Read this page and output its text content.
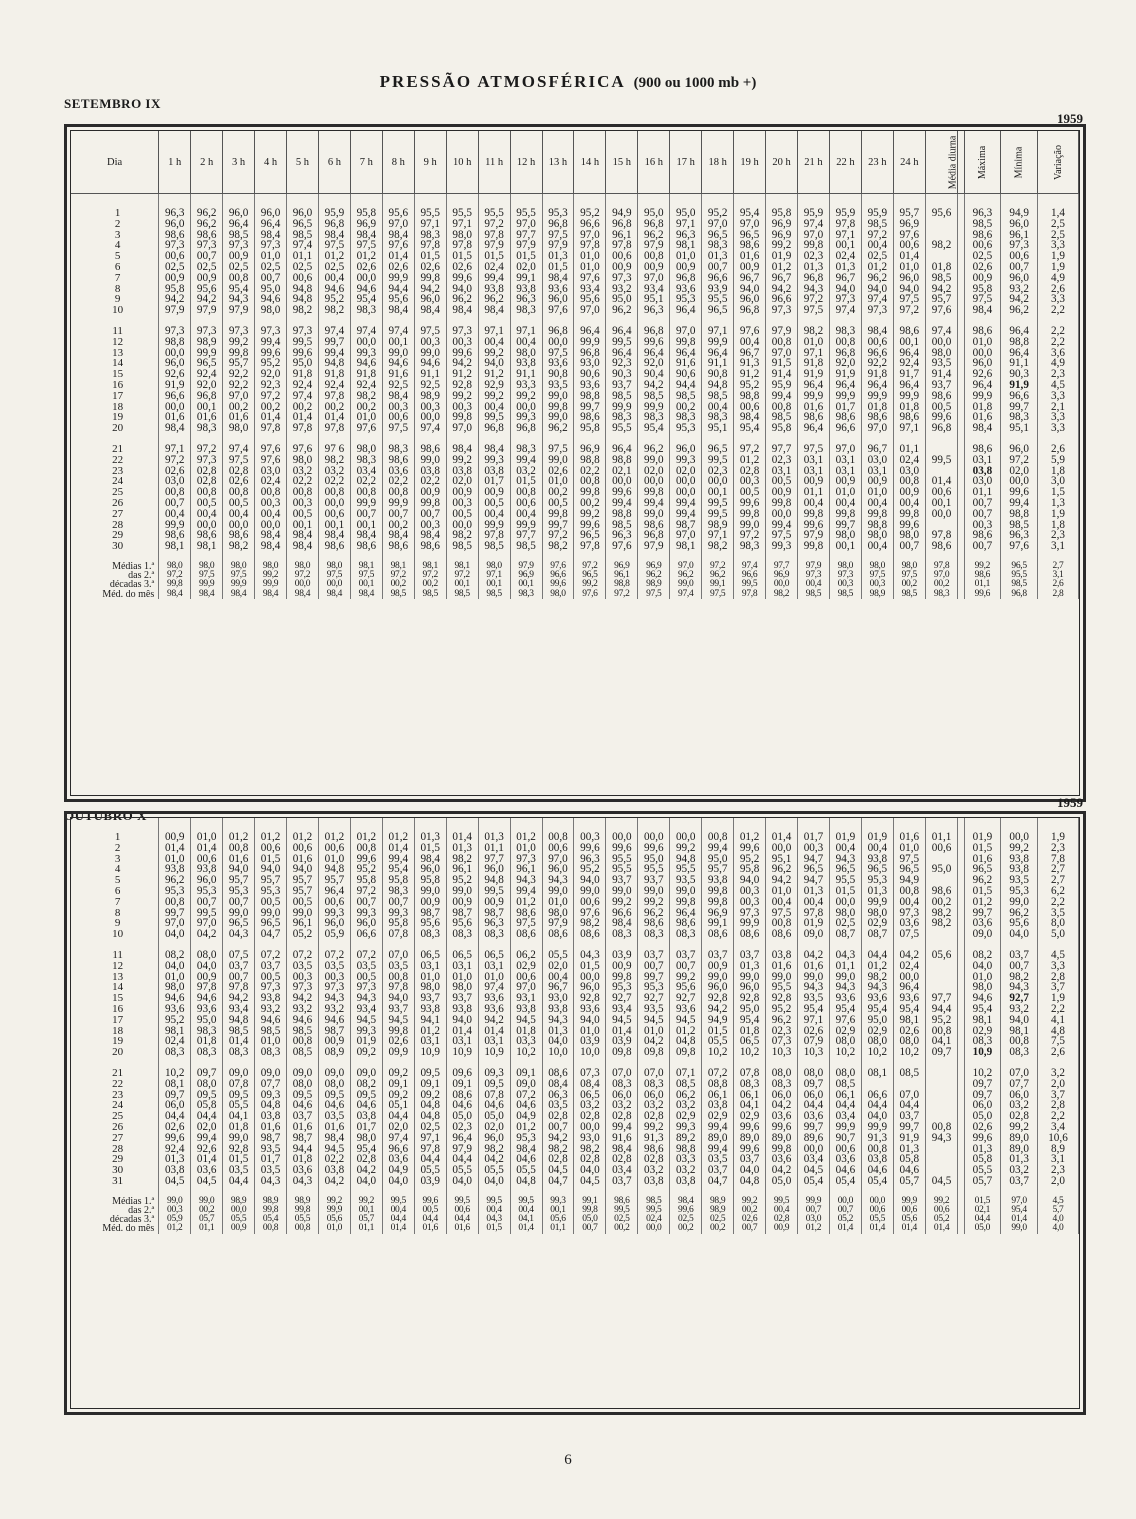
PRESSÃO ATMOSFÉRICA (900 ou 1000 mb +)
SETEMBRO IX
1959
Dia	1 h	2 h	3 h	4 h	5 h	6 h	7 h	8 h	9 h	10 h	11 h	12 h	13 h	14 h	15 h	16 h	17 h	18 h	19 h	20 h	21 h	22 h	23 h	24 h	Média diurna		Máxima	Mínima	Variação

1	96,3	96,2	96,0	96,0	96,0	95,9	95,8	95,6	95,5	95,5	95,5	95,5	95,3	95,2	94,9	95,0	95,0	95,2	95,4	95,8	95,9	95,9	95,9	95,7	95,6		96,3	94,9	1,4
2	96,0	96,2	96,4	96,4	96,5	96,8	96,9	97,0	97,1	97,1	97,2	97,0	96,8	96,6	96,8	96,8	97,1	97,0	97,0	96,9	97,4	97,8	98,5	96,9			98,5	96,0	2,5
3	98,6	98,6	98,5	98,4	98,5	98,4	98,4	98,4	98,3	98,0	97,8	97,7	97,5	97,0	96,1	96,2	96,3	96,5	96,5	96,9	97,0	97,1	97,2	97,6			98,6	96,1	2,5
4	97,3	97,3	97,3	97,3	97,4	97,5	97,5	97,6	97,8	97,8	97,9	97,9	97,9	97,8	97,8	97,9	98,1	98,3	98,6	99,2	99,8	00,1	00,4	00,6	98,2		00,6	97,3	3,3
5	00,6	00,7	00,9	01,0	01,1	01,2	01,2	01,4	01,5	01,5	01,5	01,5	01,3	01,0	00,6	00,8	01,0	01,3	01,6	01,9	02,3	02,4	02,5	01,4			02,5	00,6	1,9
6	02,5	02,5	02,5	02,5	02,5	02,5	02,6	02,6	02,6	02,6	02,4	02,0	01,5	01,0	00,9	00,9	00,9	00,7	00,9	01,2	01,3	01,3	01,2	01,0	01,8		02,6	00,7	1,9
7	00,9	00,9	00,8	00,7	00,6	00,4	00,0	99,9	99,8	99,6	99,4	99,1	98,4	97,6	97,3	97,0	96,8	96,6	96,7	96,7	96,8	96,7	96,2	96,0	98,5		00,9	96,0	4,9
8	95,8	95,6	95,4	95,0	94,8	94,6	94,6	94,4	94,2	94,0	93,8	93,8	93,6	93,4	93,2	93,4	93,6	93,9	94,0	94,2	94,3	94,0	94,0	94,0	94,2		95,8	93,2	2,6
9	94,2	94,2	94,3	94,6	94,8	95,2	95,4	95,6	96,0	96,2	96,2	96,3	96,0	95,6	95,0	95,1	95,3	95,5	96,0	96,6	97,2	97,3	97,4	97,5	95,7		97,5	94,2	3,3
10	97,9	97,9	97,9	98,0	98,2	98,2	98,3	98,4	98,4	98,4	98,4	98,3	97,6	97,0	96,2	96,3	96,4	96,5	96,8	97,3	97,5	97,4	97,3	97,2	97,6		98,4	96,2	2,2

11	97,3	97,3	97,3	97,3	97,3	97,4	97,4	97,4	97,5	97,3	97,1	97,1	96,8	96,4	96,4	96,8	97,0	97,1	97,6	97,9	98,2	98,3	98,4	98,6	97,4		98,6	96,4	2,2
12	98,8	98,9	99,2	99,4	99,5	99,7	00,0	00,1	00,3	00,3	00,4	00,4	00,0	99,9	99,5	99,6	99,8	99,9	00,4	00,8	01,0	00,8	00,6	00,1	00,0		01,0	98,8	2,2
13	00,0	99,9	99,8	99,6	99,6	99,4	99,3	99,0	99,0	99,6	99,2	98,0	97,5	96,8	96,4	96,4	96,4	96,4	96,7	97,0	97,1	96,8	96,6	96,4	98,0		00,0	96,4	3,6
14	96,0	96,5	95,7	95,2	95,0	94,8	94,6	94,6	94,6	94,2	94,0	93,8	93,6	93,0	92,3	92,0	91,6	91,1	91,3	91,5	91,8	92,0	92,2	92,4	93,5		96,0	91,1	4,9
15	92,6	92,4	92,2	92,0	91,8	91,8	91,8	91,6	91,1	91,2	91,2	91,1	90,8	90,6	90,3	90,4	90,6	90,8	91,2	91,4	91,9	91,9	91,8	91,7	91,4		92,6	90,3	2,3
16	91,9	92,0	92,2	92,3	92,4	92,4	92,4	92,5	92,5	92,8	92,9	93,3	93,5	93,6	93,7	94,2	94,4	94,8	95,2	95,9	96,4	96,4	96,4	96,4	93,7		96,4	91,9	4,5
17	96,6	96,8	97,0	97,2	97,4	97,8	98,2	98,4	98,9	99,2	99,2	99,2	99,0	98,8	98,5	98,5	98,5	98,5	98,8	99,4	99,9	99,9	99,9	99,9	98,6		99,9	96,6	3,3
18	00,0	00,1	00,2	00,2	00,2	00,2	00,2	00,3	00,3	00,3	00,4	00,0	99,8	99,7	99,9	99,9	00,2	00,4	00,6	00,8	01,6	01,7	01,8	01,8	00,5		01,8	99,7	2,1
19	01,6	01,6	01,6	01,4	01,4	01,4	01,0	00,6	00,0	99,8	99,5	99,3	99,0	98,6	98,3	98,3	98,3	98,3	98,4	98,5	98,6	98,6	98,6	98,6	99,6		01,6	98,3	3,3
20	98,4	98,3	98,0	97,8	97,8	97,8	97,6	97,5	97,4	97,0	96,8	96,8	96,2	95,8	95,5	95,4	95,3	95,1	95,4	95,8	96,4	96,6	97,0	97,1	96,8		98,4	95,1	3,3

21	97,1	97,2	97,4	97,6	97,6	97 6	98,0	98,3	98,6	98,4	98,4	98,3	97,5	96,9	96,4	96,2	96,0	96,5	97,2	97,7	97,5	97,0	96,7	01,1			98,6	96,0	2,6
22	97,2	97,3	97,5	97,6	98,0	98,2	98,3	98,6	99,0	99,2	99,3	99,4	99,0	98,8	98,8	99,0	99,3	99,5	01,2	02,3	03,1	03,1	03,0	02,4	99,5		03,1	97,2	5,9
23	02,6	02,8	02,8	03,0	03,2	03,2	03,4	03,6	03,8	03,8	03,8	03,2	02,6	02,2	02,1	02,0	02,0	02,3	02,8	03,1	03,1	03,1	03,1	03,0			03,8	02,0	1,8
24	03,0	02,8	02,6	02,4	02,2	02,2	02,2	02,2	02,2	02,0	01,7	01,5	01,0	00,8	00,0	00,0	00,0	00,0	00,3	00,5	00,9	00,9	00,9	00,8	01,4		03,0	00,0	3,0
25	00,8	00,8	00,8	00,8	00,8	00,8	00,8	00,8	00,9	00,9	00,9	00,8	00,2	99,8	99,6	99,8	00,0	00,1	00,5	00,9	01,1	01,0	01,0	00,9	00,6		01,1	99,6	1,5
26	00,7	00,5	00,5	00,3	00,3	00,0	99,9	99,9	99,8	00,3	00,5	00,6	00,5	00,2	99,4	99,4	99,4	99,5	99,6	99,8	00,4	00,4	00,4	00,4	00,1		00,7	99,4	1,3
27	00,4	00,4	00,4	00,4	00,5	00,6	00,7	00,7	00,7	00,5	00,4	00,4	99,8	99,2	98,8	99,0	99,4	99,5	99,8	00,0	99,8	99,8	99,8	99,8	00,0		00,7	98,8	1,9
28	99,9	00,0	00,0	00,0	00,1	00,1	00,1	00,2	00,3	00,0	99,9	99,9	99,7	99,6	98,5	98,6	98,7	98,9	99,0	99,4	99,6	99,7	98,8	99,6			00,3	98,5	1,8
29	98,6	98,6	98,6	98,4	98,4	98,4	98,4	98,4	98,4	98,2	97,8	97,7	97,2	96,5	96,3	96,8	97,0	97,1	97,2	97,5	97,9	98,0	98,0	98,0	97,8		98,6	96,3	2,3
30	98,1	98,1	98,2	98,4	98,4	98,6	98,6	98,6	98,6	98,5	98,5	98,5	98,2	97,8	97,6	97,9	98,1	98,2	98,3	99,3	99,8	00,1	00,4	00,7	98,6		00,7	97,6	3,1

Médias 1.ª	98,0	98,0	98,0	98,0	98,0	98,0	98,1	98,1	98,1	98,1	98,0	97,9	97,6	97,2	96,9	96,9	97,0	97,2	97,4	97,7	97,9	98,0	98,0	98,0	97,8		99,2	96,5	2,7
das 2.ª	97,2	97,5	97,5	99,2	97,2	97,5	97,5	97,2	97,2	97,2	97,1	96,9	96,6	96,5	96,1	96,2	96,2	96,2	96,6	96,9	97,3	97,3	97,5	97,5	97,0		98,6	95,5	3,1
décadas 3.ª	99,8	99,9	99,9	99,9	00,0	00,0	00,1	00,2	00,2	00,1	00,1	00,1	99,6	99,2	98,8	98,9	99,0	99,1	99,5	00,0	00,4	00,3	00,3	00,2	00,2		01,1	98,5	2,6
Méd. do mês	98,4	98,4	98,4	98,4	98,4	98,4	98,4	98,5	98,5	98,5	98,5	98,3	98,0	97,6	97,2	97,5	97,4	97,5	97,8	98,2	98,5	98,5	98,9	98,5	98,3		99,6	96,8	2,8
OUTUBRO X
1959

1	00,9	01,0	01,2	01,2	01,2	01,2	01,2	01,2	01,3	01,4	01,3	01,2	00,8	00,3	00,0	00,0	00,0	00,8	01,2	01,4	01,7	01,9	01,9	01,6	01,1		01,9	00,0	1,9
2	01,4	01,4	00,8	00,6	00,6	00,6	00,8	01,4	01,5	01,3	01,1	01,0	00,6	99,6	99,6	99,6	99,2	99,4	99,6	00,0	00,3	00,4	00,4	01,0	00,6		01,5	99,2	2,3
3	01,0	00,6	01,6	01,5	01,6	01,0	99,6	99,4	98,4	98,2	97,7	97,3	97,0	96,3	95,5	95,0	94,8	95,0	95,2	95,1	94,7	94,3	93,8	97,5			01,6	93,8	7,8
4	93,8	93,8	94,0	94,0	94,0	94,8	95,2	95,4	96,0	96,1	96,0	96,1	96,0	95,2	95,5	95,5	95,5	95,7	95,8	96,2	96,5	96,5	96,5	96,5	95,0		96,5	93,8	2,7
5	96,2	96,0	95,7	95,7	95,7	95,7	95,8	95,8	95,8	95,2	94,8	94,3	94,3	94,0	93,7	93,7	93,5	93,8	94,0	94,2	94,7	95,5	95,3	94,9			96,2	93,5	2,7
6	95,3	95,3	95,3	95,3	95,7	96,4	97,2	98,3	99,0	99,0	99,5	99,4	99,0	99,0	99,0	99,0	99,0	99,8	00,3	01,0	01,3	01,5	01,3	00,8	98,6		01,5	95,3	6,2
7	00,8	00,7	00,7	00,5	00,5	00,6	00,7	00,7	00,9	00,9	00,9	01,2	01,0	00,6	99,2	99,2	99,8	99,8	00,3	00,4	00,4	00,0	99,9	00,4	00,2		01,2	99,0	2,2
8	99,7	99,5	99,0	99,0	99,0	99,3	99,3	99,3	98,7	98,7	98,7	98,6	98,0	97,6	96,6	96,2	96,4	96,9	97,3	97,5	97,8	98,0	98,0	97,3	98,2		99,7	96,2	3,5
9	97,0	97,0	96,5	96,5	96,1	96,0	96,0	95,8	95,6	95,6	96,3	97,5	97,9	98,2	98,4	98,6	98,6	99,1	99,9	00,8	01,9	02,5	02,9	03,6	98,2		03,6	95,6	8,0
10	04,0	04,2	04,3	04,7	05,2	05,9	06,6	07,8	08,3	08,3	08,3	08,6	08,6	08,6	08,3	08,3	08,3	08,6	08,6	08,6	09,0	08,7	08,7	07,5			09,0	04,0	5,0

11	08,2	08,0	07,5	07,2	07,2	07,2	07,2	07,0	06,5	06,5	06,5	06,2	05,5	04,3	03,9	03,7	03,7	03,7	03,7	03,8	04,2	04,3	04,4	04,2	05,6		08,2	03,7	4,5
12	04,0	04,0	03,7	03,7	03,5	03,5	03,5	03,5	03,1	03,1	03,1	02,9	02,0	01,5	00,9	00,7	00,7	00,9	01,3	01,6	01,6	01,1	01,2	02,4			04,0	00,7	3,3
13	01,0	00,9	00,7	00,5	00,3	00,3	00,5	00,8	01,0	01,0	01,0	00,6	00,4	00,0	99,8	99,7	99,2	99,0	99,0	99,0	99,0	99,0	98,2	00,0			01,0	98,2	2,8
14	98,0	97,8	97,8	97,3	97,3	97,3	97,3	97,8	98,0	98,0	97,4	97,0	96,7	96,0	95,3	95,3	95,6	96,0	96,0	95,5	94,3	94,3	94,3	96,4			98,0	94,3	3,7
15	94,6	94,6	94,2	93,8	94,2	94,3	94,3	94,0	93,7	93,7	93,6	93,1	93,0	92,8	92,7	92,7	92,7	92,8	92,8	92,8	93,5	93,6	93,6	93,6	97,7		94,6	92,7	1,9
16	93,6	93,6	93,4	93,2	93,2	93,2	93,4	93,7	93,8	93,8	93,6	93,8	93,8	93,6	93,4	93,5	93,6	94,2	95,0	95,2	95,4	95,4	95,4	95,4	94,4		95,4	93,2	2,2
17	95,2	95,0	94,8	94,6	94,6	94,6	94,5	94,5	94,1	94,0	94,2	94,5	94,3	94,0	94,5	94,5	94,5	94,9	95,4	96,2	97,1	97,6	95,0	98,1	95,2		98,1	94,0	4,1
18	98,1	98,3	98,5	98,5	98,5	98,7	99,3	99,8	01,2	01,4	01,4	01,8	01,3	01,0	01,4	01,0	01,2	01,5	01,8	02,3	02,6	02,9	02,9	02,6	00,8		02,9	98,1	4,8
19	02,4	01,8	01,4	01,0	00,8	00,9	01,9	02,6	03,1	03,1	03,1	03,3	04,0	03,9	03,9	04,2	04,8	05,5	06,5	07,3	07,9	08,0	08,0	08,0	04,1		08,3	00,8	7,5
20	08,3	08,3	08,3	08,3	08,5	08,9	09,2	09,9	10,9	10,9	10,9	10,2	10,0	10,0	09,8	09,8	09,8	10,2	10,2	10,3	10,3	10,2	10,2	10,2	09,7		10,9	08,3	2,6

21	10,2	09,7	09,0	09,0	09,0	09,0	09,0	09,2	09,5	09,6	09,3	09,1	08,6	07,3	07,0	07,0	07,1	07,2	07,8	08,0	08,0	08,0	08,1	08,5			10,2	07,0	3,2
22	08,1	08,0	07,8	07,7	08,0	08,0	08,2	09,1	09,1	09,1	09,5	09,0	08,4	08,4	08,3	08,3	08,5	08,8	08,3	08,3	09,7	08,5					09,7	07,7	2,0
23	09,7	09,5	09,5	09,3	09,5	09,5	09,5	09,2	09,2	08,6	07,8	07,2	06,3	06,5	06,0	06,0	06,2	06,1	06,1	06,0	06,0	06,1	06,6	07,0			09,7	06,0	3,7
24	06,0	05,8	05,5	04,8	04,6	04,6	04,6	05,1	04,8	04,6	04,6	04,6	03,5	03,2	03,2	03,2	03,2	03,8	04,1	04,2	04,4	04,4	04,4	04,4			06,0	03,2	2,8
25	04,4	04,4	04,1	03,8	03,7	03,5	03,8	04,4	04,8	05,0	05,0	04,9	02,8	02,8	02,8	02,8	02,9	02,9	02,9	03,6	03,6	03,4	04,0	03,7			05,0	02,8	2,2
26	02,6	02,0	01,8	01,6	01,6	01,6	01,7	02,0	02,5	02,3	02,0	01,2	00,7	00,0	99,4	99,2	99,3	99,4	99,6	99,6	99,7	99,9	99,9	99,7	00,8		02,6	99,2	3,4
27	99,6	99,4	99,0	98,7	98,7	98,4	98,0	97,4	97,1	96,4	96,0	95,3	94,2	93,0	91,6	91,3	89,2	89,0	89,0	89,0	89,6	90,7	91,3	91,9	94,3		99,6	89,0	10,6
28	92,4	92,6	92,8	93,5	94,4	94,5	95,4	96,6	97,8	97,9	98,2	98,4	98,2	98,2	98,4	98,6	98,8	99,4	99,6	99,8	00,0	00,6	00,8	01,3			01,3	89,0	8,9
29	01,3	01,4	01,5	01,7	01,8	02,2	02,8	03,6	04,4	04,4	04,2	04,6	02,8	02,8	02,8	02,8	03,3	03,5	03,7	03,6	03,4	03,6	03,8	05,8			05,8	01,3	3,1
30	03,8	03,6	03,5	03,5	03,6	03,8	04,2	04,9	05,5	05,5	05,5	05,5	04,5	04,0	03,4	03,2	03,2	03,7	04,0	04,2	04,5	04,6	04,6	04,6			05,5	03,2	2,3
31	04,5	04,5	04,4	04,3	04,3	04,2	04,0	04,0	03,9	04,0	04,0	04,8	04,7	04,5	03,7	03,8	03,8	04,7	04,8	05,0	05,4	05,4	05,4	05,7	04,5		05,7	03,7	2,0

Médias 1.ª	99,0	99,0	98,9	98,9	98,9	99,2	99,2	99,5	99,6	99,5	99,5	99,5	99,3	99,1	98,6	98,5	98,4	98,9	99,2	99,5	99,9	00,0	00,0	99,9	99,2		01,5	97,0	4,5
das 2.ª	00,3	00,2	00,0	99,8	99,8	99,9	00,1	00,4	00,5	00,6	00,4	00,4	00,1	99,8	99,5	99,5	99,6	98,9	00,2	00,4	00,7	00,7	00,6	00,6	00,6		02,1	95,4	5,7
décadas 3.ª	05,9	05,7	05,5	05,4	05,5	05,6	05,7	04,4	04,4	04,4	04,3	04,1	05,6	05,0	02,5	02,4	02,5	02,5	02,6	02,8	03,0	05,2	05,5	05,6	05,2		04,4	01,4	4,0
Méd. do mês	01,2	01,1	00,9	00,8	00,8	01,0	01,1	01,4	01,6	01,6	01,5	01,4	01,1	00,7	00,2	00,0	00,2	00,2	00,7	00,9	01,2	01,4	01,4	01,4	01,4		05,0	99,0	4,0
6
